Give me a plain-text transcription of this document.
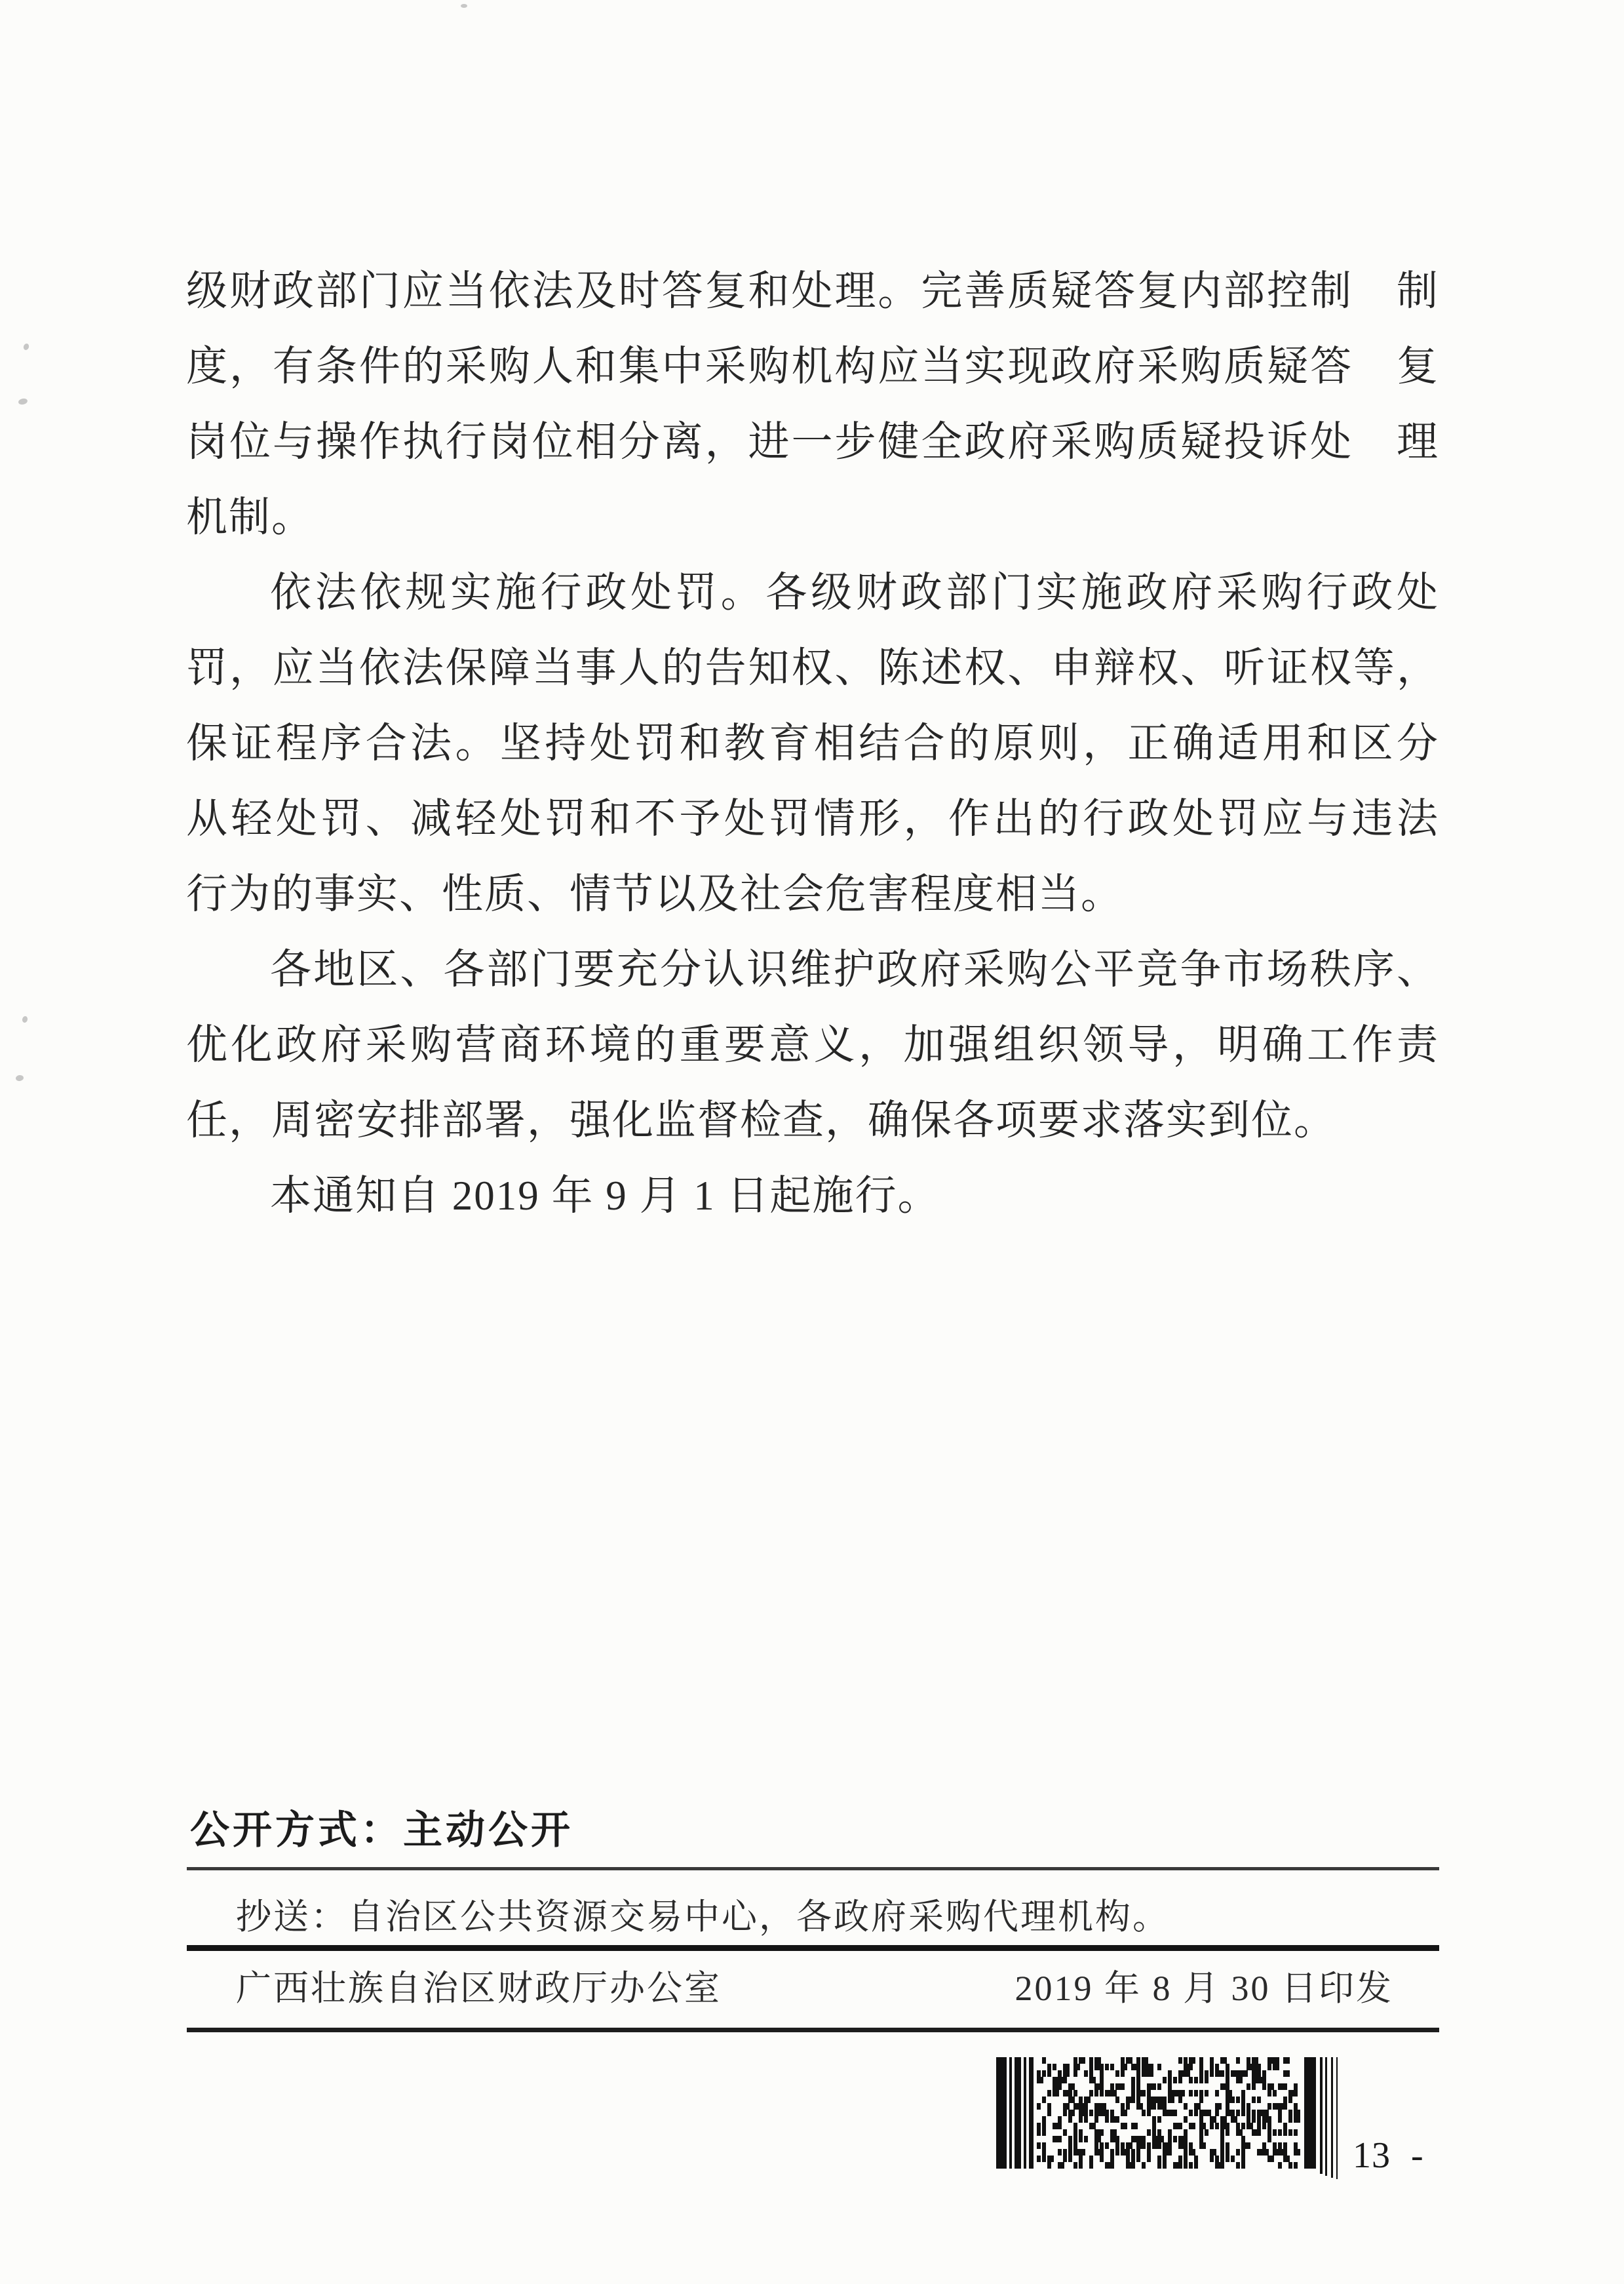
级财政部门应当依法及时答复和处理。完善质疑答复内部控制　制
度，有条件的采购人和集中采购机构应当实现政府采购质疑答　复
岗位与操作执行岗位相分离，进一步健全政府采购质疑投诉处　理
机制。
依法依规实施行政处罚。各级财政部门实施政府采购行政处
罚，应当依法保障当事人的告知权、陈述权、申辩权、听证权等，
保证程序合法。坚持处罚和教育相结合的原则，正确适用和区分
从轻处罚、减轻处罚和不予处罚情形，作出的行政处罚应与违法
行为的事实、性质、情节以及社会危害程度相当。
各地区、各部门要充分认识维护政府采购公平竞争市场秩序、
优化政府采购营商环境的重要意义，加强组织领导，明确工作责
任，周密安排部署，强化监督检查，确保各项要求落实到位。
本通知自 2019 年 9 月 1 日起施行。
公开方式：主动公开
抄送：自治区公共资源交易中心，各政府采购代理机构。
广西壮族自治区财政厅办公室	2019 年 8 月 30 日印发
13 -
